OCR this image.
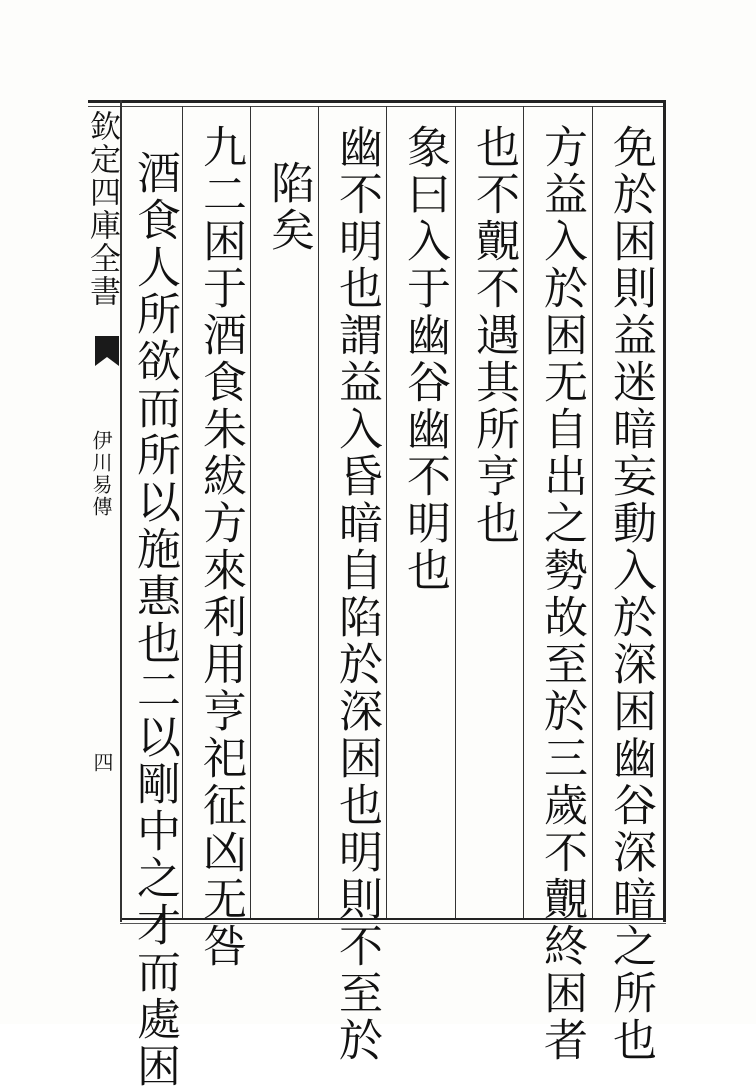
欽定四庫全書
伊川易傳
四	免於困則益迷暗妄動入於深困幽谷深暗之所也
方益入於困无自出之勢故至於三歲不覿終困者
也不覿不遇其所亨也
象曰入于幽谷幽不明也
幽不明也謂益入昏暗自陷於深困也明則不至於
陷矣
九二困于酒食朱紱方來利用亨祀征凶无咎
酒食人所欲而所以施惠也二以剛中之才而處困
